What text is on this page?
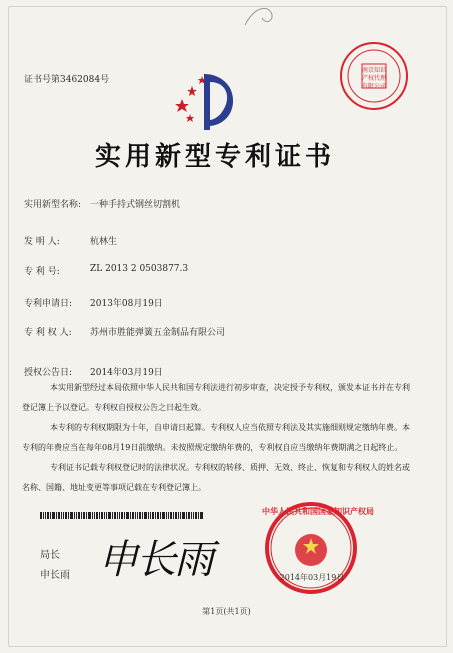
证书号第3462084号
南京知识产权代理有限公司
实用新型专利证书
实用新型名称: 一种手持式钢丝切割机
发 明 人:	杭林生
专 利 号:	ZL 2013 2 0503877.3
专利申请日: 2013年08月19日
专 利 权 人: 苏州市胜能弹簧五金制品有限公司
授权公告日: 2014年03月19日

本实用新型经过本局依照中华人民共和国专利法进行初步审查，决定授予专利权，颁发本证书并在专利登记簿上予以登记。专利权自授权公告之日起生效。

本专利的专利权期限为十年，自申请日起算。专利权人应当依照专利法及其实施细则规定缴纳年费。本专利的年费应当在每年08月19日前缴纳。未按照规定缴纳年费的，专利权自应当缴纳年费期满之日起终止。

专利证书记载专利权登记时的法律状况。专利权的转移、质押、无效、终止、恢复和专利权人的姓名或名称、国籍、地址变更等事项记载在专利登记簿上。

局长
申长雨 申长雨
中华人民共和国国家知识产权局
2014年03月19日
第1页(共1页)
